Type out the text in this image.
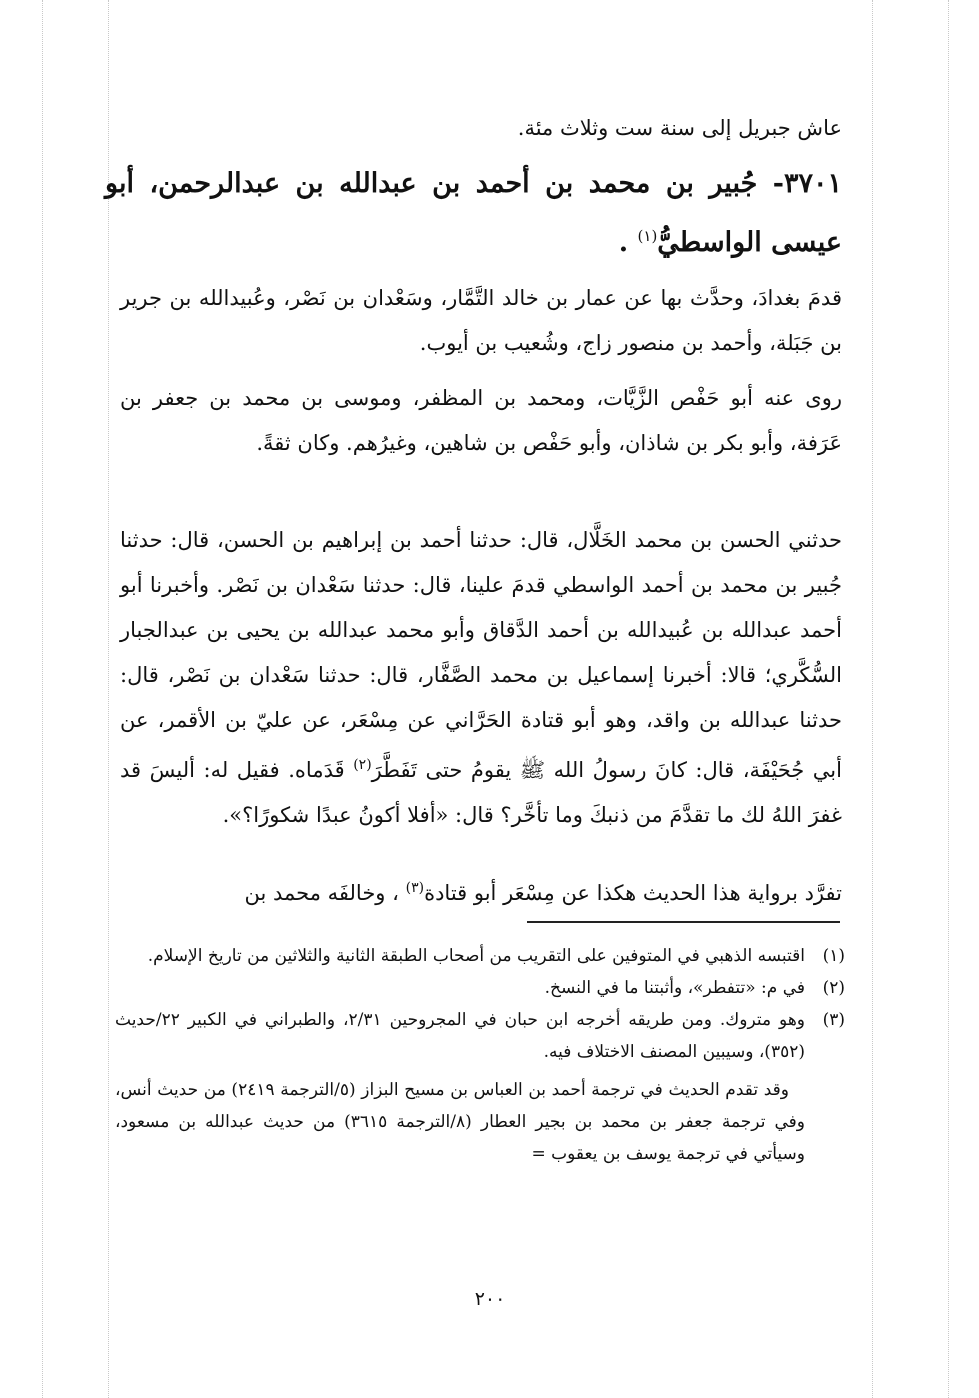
عاش جبريل إلى سنة ست وثلاث مئة.
٣٧٠١- جُبير بن محمد بن أحمد بن عبدالله بن عبدالرحمن، أبو عيسى الواسطيُّ$^{(١)}$ .
قدمَ بغدادَ، وحدَّث بها عن عمار بن خالد التَّمَّار، وسَعْدان بن نَصْر، وعُبيدالله بن جرير بن جَبَلة، وأحمد بن منصور زاج، وشُعيب بن أيوب.
روى عنه أبو حَفْص الزَّيَّات، ومحمد بن المظفر، وموسى بن محمد بن جعفر بن عَرَفة، وأبو بكر بن شاذان، وأبو حَفْص بن شاهين، وغيرُهم. وكان ثقةً.
حدثني الحسن بن محمد الخَلَّال، قال: حدثنا أحمد بن إبراهيم بن الحسن، قال: حدثنا جُبير بن محمد بن أحمد الواسطي قدمَ علينا، قال: حدثنا سَعْدان بن نَصْر. وأخبرنا أبو أحمد عبدالله بن عُبيدالله بن أحمد الدَّقاق وأبو محمد عبدالله بن يحيى بن عبدالجبار السُّكَّري؛ قالا: أخبرنا إسماعيل بن محمد الصَّفَّار، قال: حدثنا سَعْدان بن نَصْر، قال: حدثنا عبدالله بن واقد، وهو أبو قتادة الحَرَّاني عن مِسْعَر، عن عليّ بن الأقمر، عن أبي جُحَيْفَة، قال: كانَ رسولُ الله ﷺ يقومُ حتى تَفَطَّرَ$^{(٢)}$ قَدَماه. فقيل له: أليسَ قد غفرَ اللهُ لك ما تقدَّمَ من ذنبكَ وما تأخَّر؟ قال: «أفلا أكونُ عبدًا شكورًا؟».
تفرَّد برواية هذا الحديث هكذا عن مِسْعَر أبو قتادة$^{(٣)}$ ، وخالفَه محمد بن
(١)
اقتبسه الذهبي في المتوفين على التقريب من أصحاب الطبقة الثانية والثلاثين من تاريخ الإسلام.
(٢)
في م: «تتفطر»، وأثبتنا ما في النسخ.
(٣)
وهو متروك. ومن طريقه أخرجه ابن حبان في المجروحين ٢/٣١، والطبراني في الكبير ٢٢/حديث (٣٥٢)، وسيبين المصنف الاختلاف فيه.
وقد تقدم الحديث في ترجمة أحمد بن العباس بن مسيح البزاز (٥/الترجمة ٢٤١٩) من حديث أنس، وفي ترجمة جعفر بن محمد بن بجير العطار (٨/الترجمة ٣٦١٥) من حديث عبدالله بن مسعود، وسيأتي في ترجمة يوسف بن يعقوب =
٢٠٠
